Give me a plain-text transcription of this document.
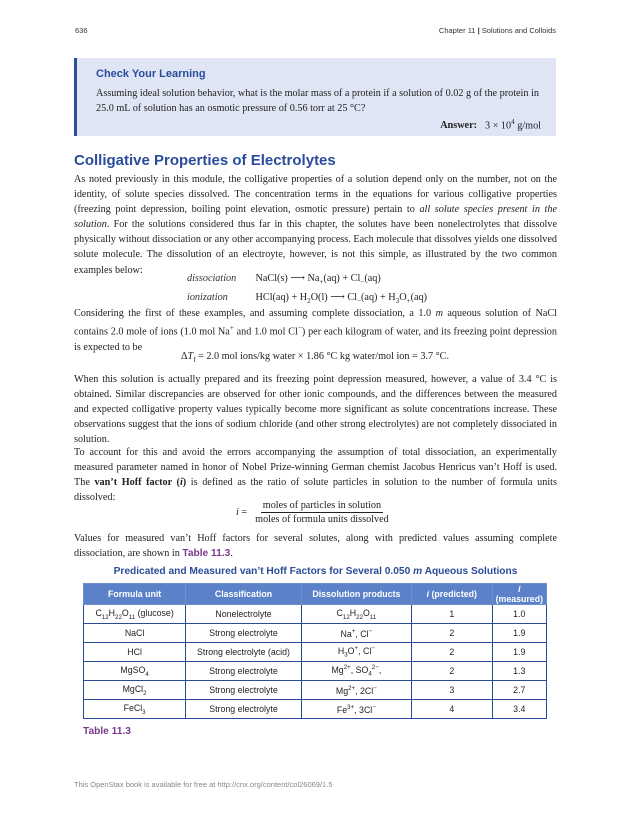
636	Chapter 11 | Solutions and Colloids
Check Your Learning
Assuming ideal solution behavior, what is the molar mass of a protein if a solution of 0.02 g of the protein in 25.0 mL of solution has an osmotic pressure of 0.56 torr at 25 °C?
Answer: $3 \times 10^4$ g/mol
Colligative Properties of Electrolytes
As noted previously in this module, the colligative properties of a solution depend only on the number, not on the identity, of solute species dissolved. The concentration terms in the equations for various colligative properties (freezing point depression, boiling point elevation, osmotic pressure) pertain to all solute species present in the solution. For the solutions considered thus far in this chapter, the solutes have been nonelectrolytes that dissolve physically without dissociation or any other accompanying process. Each molecule that dissolves yields one dissolved solute molecule. The dissolution of an electroyte, however, is not this simple, as illustrated by the two common examples below:
dissociation NaCl(s) ⟶ $Na_+(aq) + Cl_-(aq)$
ionization	$HCl(aq) + H_2O(l)$ ⟶ $Cl_-(aq) + H_3O_+(aq)$
Considering the first of these examples, and assuming complete dissociation, a 1.0 m aqueous solution of NaCl contains 2.0 mole of ions (1.0 mol Na+ and 1.0 mol Cl−) per each kilogram of water, and its freezing point depression is expected to be
$\Delta T_f = 2.0$ mol ions/kg water × 1.86 °C kg water/mol ion = 3.7 °C.
When this solution is actually prepared and its freezing point depression measured, however, a value of 3.4 °C is obtained. Similar discrepancies are observed for other ionic compounds, and the differences between the measured and expected colligative property values typically become more significant as solute concentrations increase. These observations suggest that the ions of sodium chloride (and other strong electrolytes) are not completely dissociated in solution.
To account for this and avoid the errors accompanying the assumption of total dissociation, an experimentally measured parameter named in honor of Nobel Prize-winning German chemist Jacobus Henricus van’t Hoff is used. The van’t Hoff factor (i) is defined as the ratio of solute particles in solution to the number of formula units dissolved:
$i = \frac{\text{moles of particles in solution}}{\text{moles of formula units dissolved}}$
Values for measured van’t Hoff factors for several solutes, along with predicted values assuming complete dissociation, are shown in Table 11.3.
Predicated and Measured van’t Hoff Factors for Several 0.050 m Aqueous Solutions
Formula unit	Classification	Dissolution products	i (predicted)	i (measured)
$C_{12}H_{22}O_{11}$ (glucose)	Nonelectrolyte	$C_{12}H_{22}O_{11}$	1	1.0
NaCl	Strong electrolyte	Na+, Cl−	2	1.9
HCl	Strong electrolyte (acid)	$H_3O^+$, Cl−	2	1.9
MgSO$_4$	Strong electrolyte	$Mg^{2+}$, $SO_4^{2-}$,	2	1.3
MgCl$_2$	Strong electrolyte	$Mg^{2+}$, 2Cl−	3	2.7
FeCl$_3$	Strong electrolyte	$Fe^{3+}$, 3Cl−	4	3.4
Table 11.3
This OpenStax book is available for free at http://cnx.org/content/col26069/1.5
